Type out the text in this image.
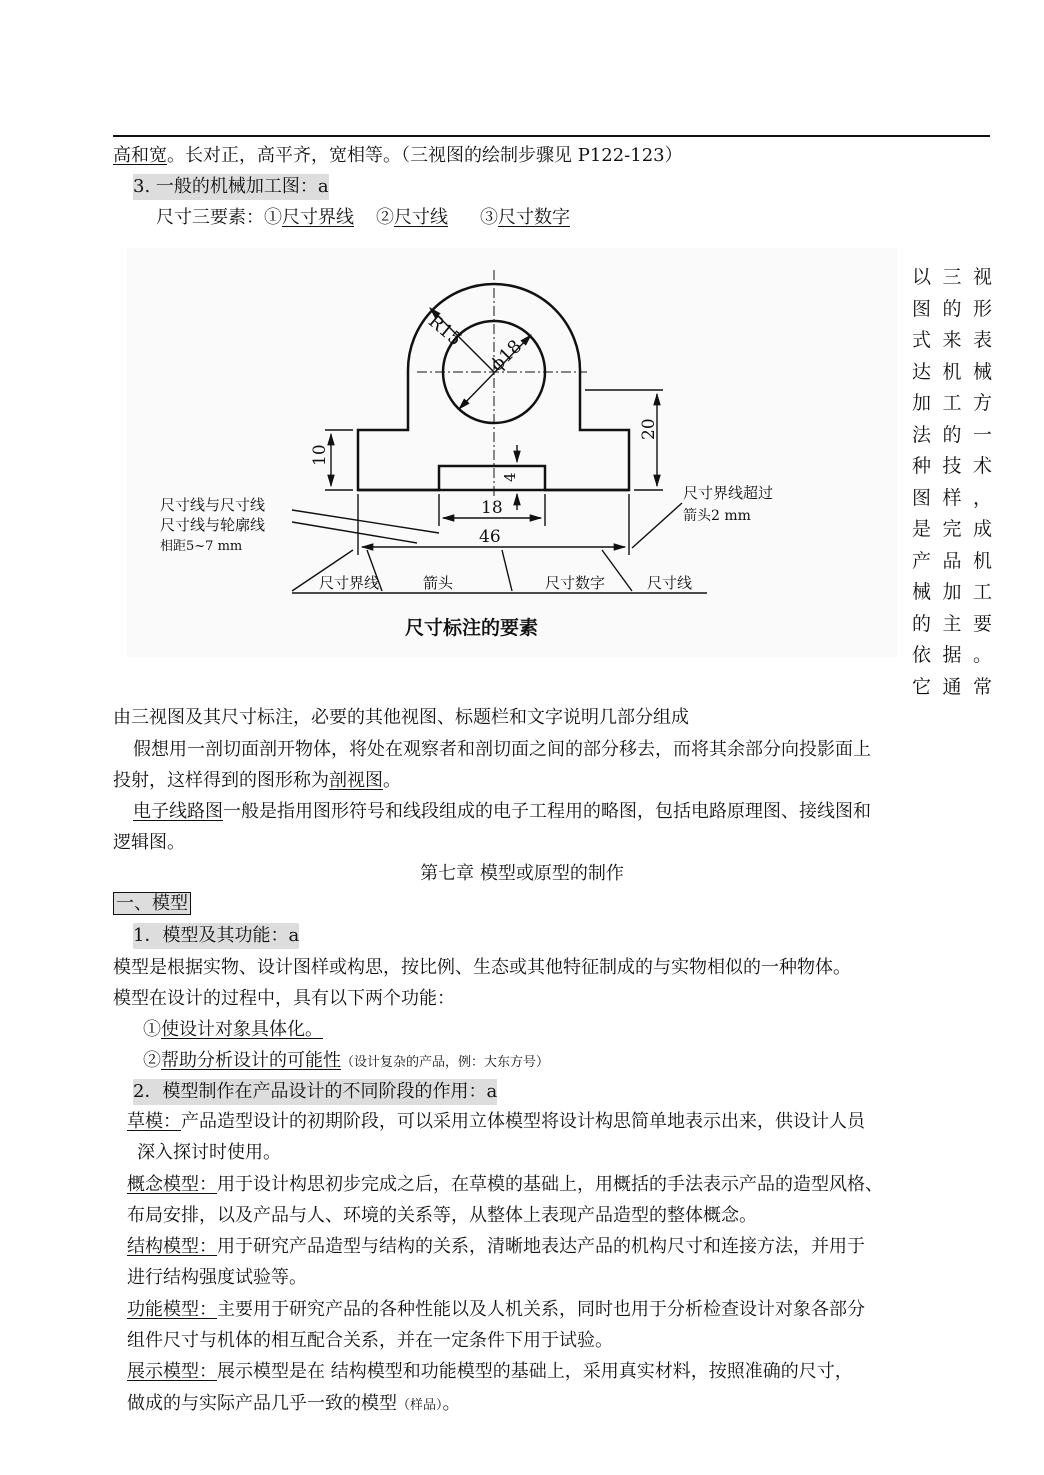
高和宽。长对正，高平齐，宽相等。（三视图的绘制步骤见 P122-123）
3. 一般的机械加工图：a
尺寸三要素：①尺寸界线 ②尺寸线 ③尺寸数字
R15
ϕ18
10
20
4
18
46
尺寸线与尺寸线
尺寸线与轮廓线
相距5~7 mm
尺寸界线超过
箭头2 mm
尺寸界线	箭头	尺寸数字	尺寸线
尺寸标注的要素
以三视
图的形
式来表
达机械
加工方
法的一
种技术
图样，
是完成
产品机
械加工
的主要
依据。
它通常
由三视图及其尺寸标注，必要的其他视图、标题栏和文字说明几部分组成
假想用一剖切面剖开物体，将处在观察者和剖切面之间的部分移去，而将其余部分向投影面上
投射，这样得到的图形称为剖视图。
电子线路图一般是指用图形符号和线段组成的电子工程用的略图，包括电路原理图、接线图和
逻辑图。
第七章 模型或原型的制作
一、模型
1．模型及其功能：a
模型是根据实物、设计图样或构思，按比例、生态或其他特征制成的与实物相似的一种物体。
模型在设计的过程中，具有以下两个功能：
①使设计对象具体化。
②帮助分析设计的可能性（设计复杂的产品，例：大东方号）
2．模型制作在产品设计的不同阶段的作用：a
草模：产品造型设计的初期阶段，可以采用立体模型将设计构思简单地表示出来，供设计人员
深入探讨时使用。
概念模型：用于设计构思初步完成之后，在草模的基础上，用概括的手法表示产品的造型风格、
布局安排，以及产品与人、环境的关系等，从整体上表现产品造型的整体概念。
结构模型：用于研究产品造型与结构的关系，清晰地表达产品的机构尺寸和连接方法，并用于
进行结构强度试验等。
功能模型：主要用于研究产品的各种性能以及人机关系，同时也用于分析检查设计对象各部分
组件尺寸与机体的相互配合关系，并在一定条件下用于试验。
展示模型：展示模型是在 结构模型和功能模型的基础上，采用真实材料，按照准确的尺寸，
做成的与实际产品几乎一致的模型（样品）。
